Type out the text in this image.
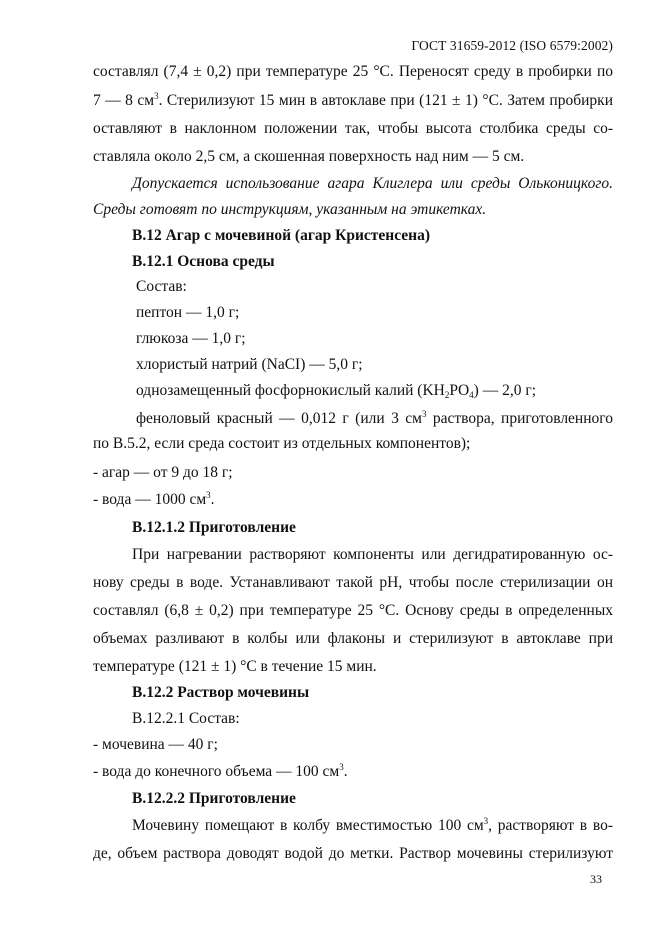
ГОСТ 31659-2012 (ISO 6579:2002)
составлял (7,4 ± 0,2) при температуре 25 °С. Переносят среду в пробирки по
7 — 8 $см^3$. Стерилизуют 15 мин в автоклаве при (121 ± 1) °С. Затем пробирки
оставляют в наклонном положении так, чтобы высота столбика среды со-
ставляла около 2,5 см, а скошенная поверхность над ним — 5 см.
Допускается использование агара Клиглера или среды Ольконицкого.
Среды готовят по инструкциям, указанным на этикетках.
В.12 Агар с мочевиной (агар Кристенсена)
В.12.1 Основа среды
Состав:
пептон — 1,0 г;
глюкоза — 1,0 г;
хлористый натрий (NaCI) — 5,0 г;
однозамещенный фосфорнокислый калий $(KH_2PO_4)$ — 2,0 г;
феноловый красный — 0,012 г (или 3 $см^3$ раствора, приготовленного
по В.5.2, если среда состоит из отдельных компонентов);
- агар — от 9 до 18 г;
- вода — 1000 $см^3$.
В.12.1.2 Приготовление
При нагревании растворяют компоненты или дегидратированную ос-
нову среды в воде. Устанавливают такой pH, чтобы после стерилизации он
составлял (6,8 ± 0,2) при температуре 25 °С. Основу среды в определенных
объемах разливают в колбы или флаконы и стерилизуют в автоклаве при
температуре (121 ± 1) °С в течение 15 мин.
В.12.2 Раствор мочевины
В.12.2.1 Состав:
- мочевина — 40 г;
- вода до конечного объема — 100 $см^3$.
В.12.2.2 Приготовление
Мочевину помещают в колбу вместимостью 100 $см^3$, растворяют в во-
де, объем раствора доводят водой до метки. Раствор мочевины стерилизуют
33
